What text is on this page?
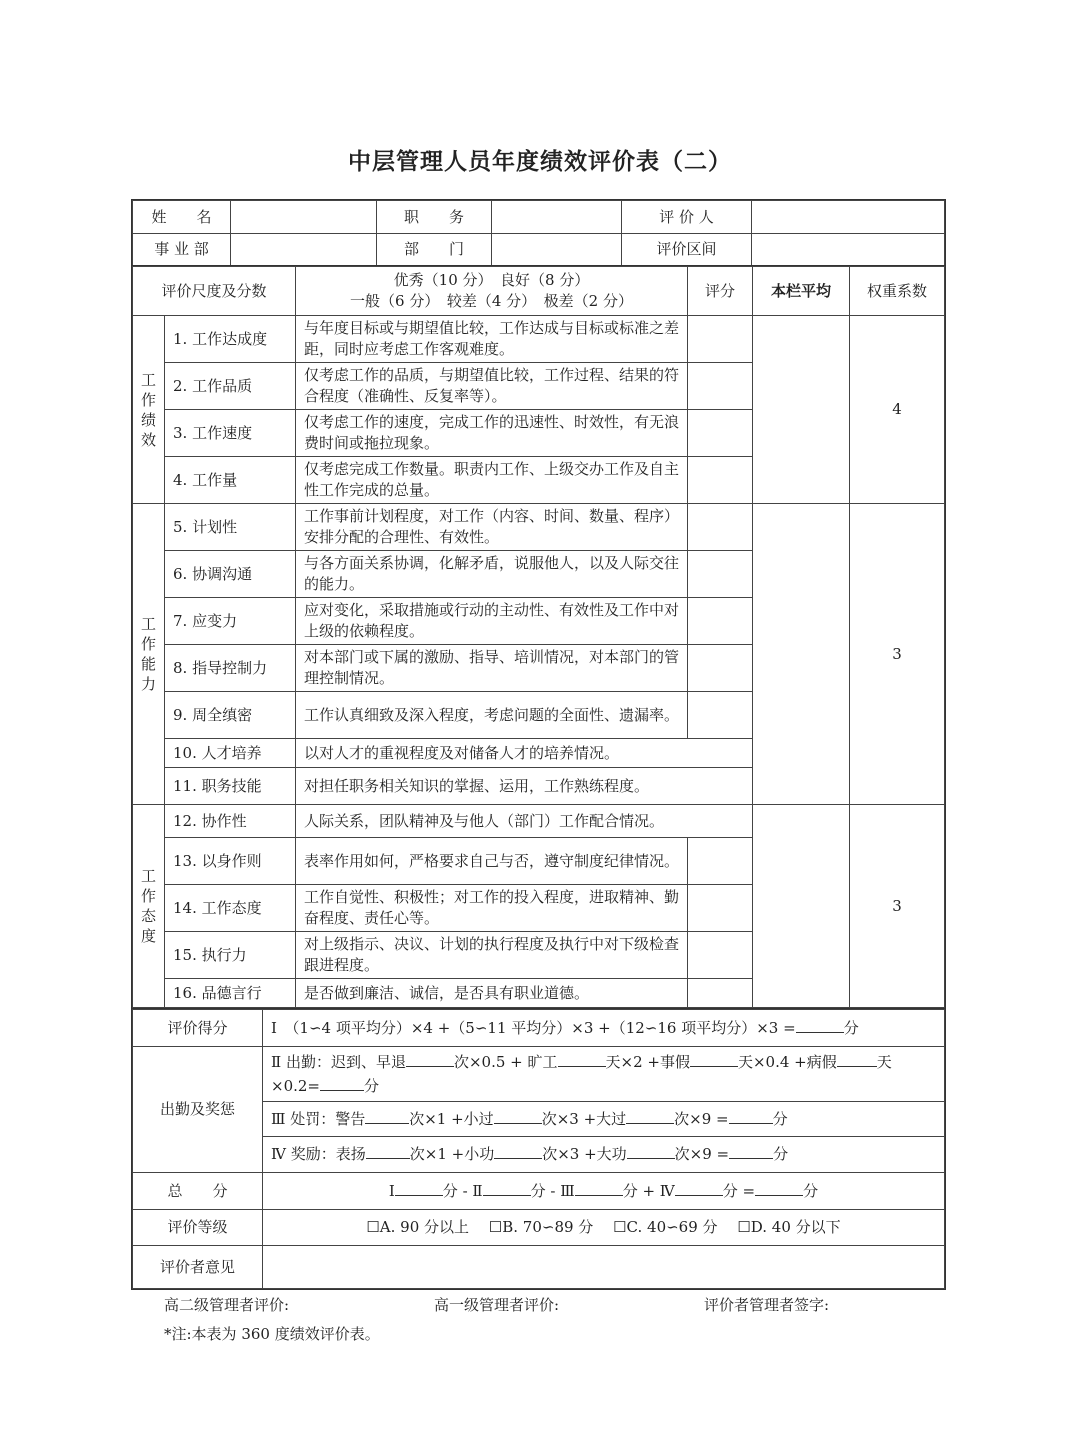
中层管理人员年度绩效评价表（二）
姓　　名		职　　务		评 价 人	
事 业 部		部　　门		评价区间	
评价尺度及分数		优秀（10 分）　良好（8 分）
一般（6 分）　较差（4 分）　极差（2 分）	评分	本栏平均	权重系数

工
作
绩
效	1. 工作达成度	与年度目标或与期望值比较，工作达成与目标或标准之差距，同时应考虑工作客观难度。			4
	2. 工作品质	仅考虑工作的品质，与期望值比较，工作过程、结果的符合程度（准确性、反复率等）。			
	3. 工作速度	仅考虑工作的速度，完成工作的迅速性、时效性，有无浪费时间或拖拉现象。			
	4. 工作量	仅考虑完成工作数量。职责内工作、上级交办工作及自主性工作完成的总量。			

工
作
能
力	5. 计划性	工作事前计划程度，对工作（内容、时间、数量、程序）安排分配的合理性、有效性。			3
	6. 协调沟通	与各方面关系协调，化解矛盾，说服他人，以及人际交往的能力。			
	7. 应变力	应对变化，采取措施或行动的主动性、有效性及工作中对上级的依赖程度。			
	8. 指导控制力	对本部门或下属的激励、指导、培训情况，对本部门的管理控制情况。			
	9. 周全缜密	工作认真细致及深入程度，考虑问题的全面性、遗漏率。			
	10. 人才培养	以对人才的重视程度及对储备人才的培养情况。			
	11. 职务技能	对担任职务相关知识的掌握、运用，工作熟练程度。			

工
作
态
度	12. 协作性	人际关系，团队精神及与他人（部门）工作配合情况。			3
	13. 以身作则	表率作用如何，严格要求自己与否，遵守制度纪律情况。			
	14. 工作态度	工作自觉性、积极性；对工作的投入程度，进取精神、勤奋程度、责任心等。			
	15. 执行力	对上级指示、决议、计划的执行程度及执行中对下级检查跟进程度。			
	16. 品德言行	是否做到廉洁、诚信，是否具有职业道德。			
评价得分	Ⅰ　（1∽4 项平均分）×4 +（5∽11 平均分）×3 +（12∽16 项平均分）×3 = 分
出勤及奖惩	Ⅱ 出勤：迟到、早退 次×0.5 + 旷工 天×2 +事假 天×0.4 +病假 天
×0.2= 分
	Ⅲ 处罚：警告 次×1 +小过 次×3 +大过 次×9 = 分
	Ⅳ 奖励：表扬 次×1 +小功 次×3 +大功 次×9 = 分
总　　分	Ⅰ 分 - Ⅱ 分 - Ⅲ 分 + Ⅳ 分 = 分
评价等级	☐A. 90 分以上　 ☐B. 70∽89 分　 ☐C. 40∽69 分　 ☐D. 40 分以下
评价者意见	
高二级管理者评价:	高一级管理者评价:	评价者管理者签字:
*注:本表为 360 度绩效评价表。
